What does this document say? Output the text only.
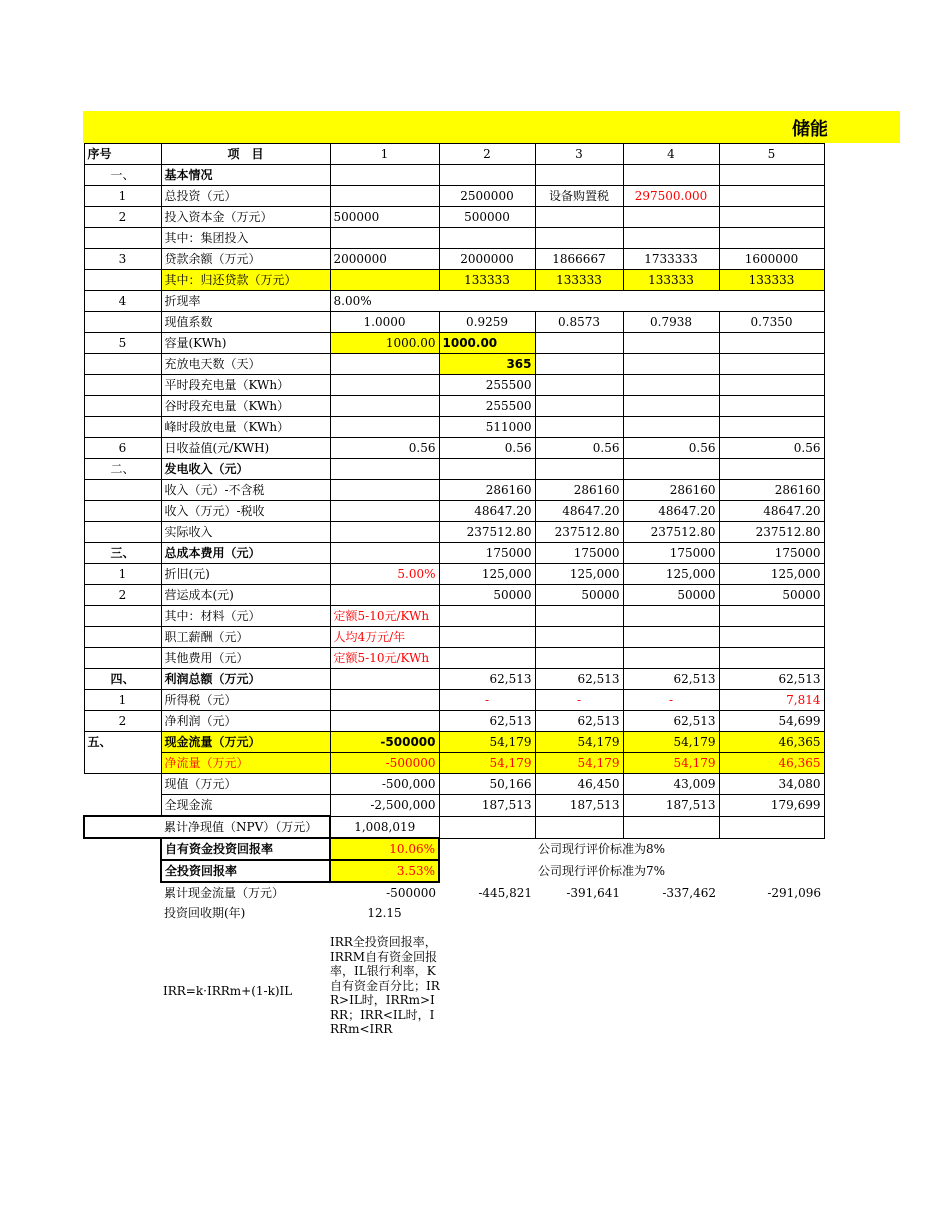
储能
序号	项　目	1	2	3	4	5
一、	基本情况					
1	总投资（元）		2500000	设备购置税	297500.000	
2	投入资本金（万元）	500000	500000			
	其中：集团投入					
3	贷款余额（万元）	2000000	2000000	1866667	1733333	1600000
	其中：归还贷款（万元）		133333	133333	133333	133333
4	折现率	8.00%				
	现值系数	1.0000	0.9259	0.8573	0.7938	0.7350
5	容量(KWh)	1000.00	1000.00			
	充放电天数（天）		365			
	平时段充电量（KWh）		255500			
	谷时段充电量（KWh）		255500			
	峰时段放电量（KWh）		511000			
6	日收益值(元/KWH)	0.56	0.56	0.56	0.56	0.56
二、	发电收入（元）					
	收入（元）-不含税		286160	286160	286160	286160
	收入（万元）-税收		48647.20	48647.20	48647.20	48647.20
	实际收入		237512.80	237512.80	237512.80	237512.80
三、	总成本费用（元）		175000	175000	175000	175000
1	折旧(元)	5.00%	125,000	125,000	125,000	125,000
2	营运成本(元)		50000	50000	50000	50000
	其中：材料（元）	定额5-10元/KWh				
	职工薪酬（元）	人均4万元/年				
	其他费用（元）	定额5-10元/KWh				
四、	利润总额（万元）		62,513	62,513	62,513	62,513
1	所得税（元）		-	-	-	7,814
2	净利润（元）		62,513	62,513	62,513	54,699
五、	现金流量（万元）	-500000	54,179	54,179	54,179	46,365
	净流量（万元）	-500000	54,179	54,179	54,179	46,365
	现值（万元）	-500,000	50,166	46,450	43,009	34,080
	全现金流	-2,500,000	187,513	187,513	187,513	179,699
	累计净现值（NPV）（万元）	1,008,019				
	自有资金投资回报率	10.06%		公司现行评价标准为8%		
	全投资回报率	3.53%		公司现行评价标准为7%		
	累计现金流量（万元）	-500000	-445,821	-391,641	-337,462	-291,096
	投资回收期(年)	12.15				
IRR=k·IRRm+(1-k)IL
IRR全投资回报率，IRRM自有资金回报率，IL银行利率，K自有资金百分比；IRR>IL时，IRRm>IRR；IRR<IL时，IRRm<IRR
